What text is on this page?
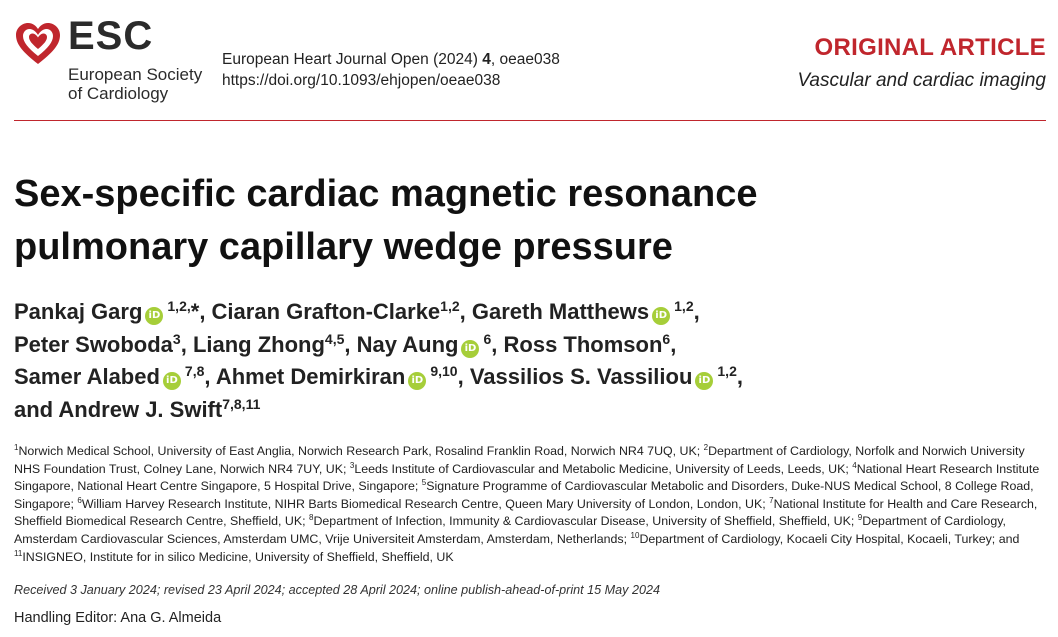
ESC
European Society
of Cardiology
European Heart Journal Open (2024) 4, oeae038
https://doi.org/10.1093/ehjopen/oeae038
ORIGINAL ARTICLE
Vascular and cardiac imaging
Sex-specific cardiac magnetic resonance
pulmonary capillary wedge pressure
Pankaj Garg $iD^{1,2,}*$, Ciaran Grafton-Clarke$^{1,2}$, Gareth Matthews iD$^{1,2}$,
Peter Swoboda$^3$, Liang Zhong$^{4,5}$, Nay Aung $iD^6$, Ross Thomson$^6$,
Samer Alabed iD$^{7,8}$, Ahmet Demirkiran iD$^{9,10}$, Vassilios S. Vassiliou iD$^{1,2}$,
and Andrew J. Swift$^{7,8,11}$
$^1$Norwich Medical School, University of East Anglia, Norwich Research Park, Rosalind Franklin Road, Norwich NR4 7UQ, UK; $^2$Department of Cardiology, Norfolk and Norwich University NHS Foundation Trust, Colney Lane, Norwich NR4 7UY, UK; $^3$Leeds Institute of Cardiovascular and Metabolic Medicine, University of Leeds, Leeds, UK; $^4$National Heart Research Institute Singapore, National Heart Centre Singapore, 5 Hospital Drive, Singapore; $^5$Signature Programme of Cardiovascular Metabolic and Disorders, Duke-NUS Medical School, 8 College Road, Singapore; $^6$William Harvey Research Institute, NIHR Barts Biomedical Research Centre, Queen Mary University of London, London, UK; $^7$National Institute for Health and Care Research, Sheffield Biomedical Research Centre, Sheffield, UK; $^8$Department of Infection, Immunity & Cardiovascular Disease, University of Sheffield, Sheffield, UK; $^9$Department of Cardiology, Amsterdam Cardiovascular Sciences, Amsterdam UMC, Vrije Universiteit Amsterdam, Amsterdam, Netherlands; $^{10}$Department of Cardiology, Kocaeli City Hospital, Kocaeli, Turkey; and $^{11}$INSIGNEO, Institute for in silico Medicine, University of Sheffield, Sheffield, UK
Received 3 January 2024; revised 23 April 2024; accepted 28 April 2024; online publish-ahead-of-print 15 May 2024
Handling Editor: Ana G. Almeida
